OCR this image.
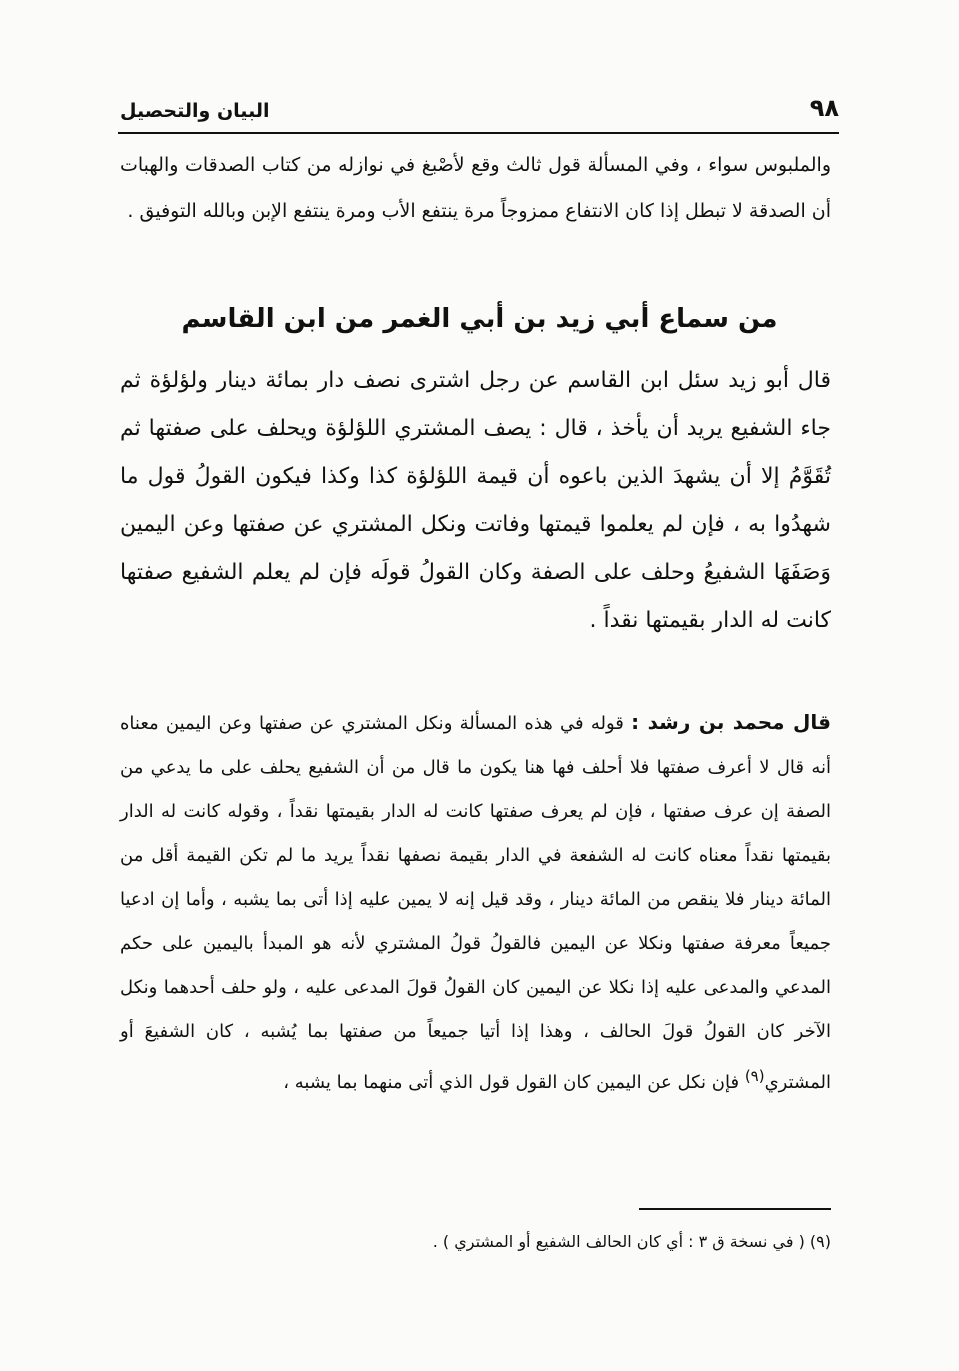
٩٨
البيان والتحصيل
والملبوس سواء ، وفي المسألة قول ثالث وقع لأصْبغ في نوازله من كتاب الصدقات والهبات أن الصدقة لا تبطل إذا كان الانتفاع ممزوجاً مرة ينتفع الأب ومرة ينتفع الإبن وبالله التوفيق .
من سماع أبي زيد بن أبي الغمر من ابن القاسم
قال أبو زيد سئل ابن القاسم عن رجل اشترى نصف دار بمائة دينار ولؤلؤة ثم جاء الشفيع يريد أن يأخذ ، قال : يصف المشتري اللؤلؤة ويحلف على صفتها ثم تُقَوَّمُ إلا أن يشهدَ الذين باعوه أن قيمة اللؤلؤة كذا وكذا فيكون القولُ قول ما شهدُوا به ، فإن لم يعلموا قيمتها وفاتت ونكل المشتري عن صفتها وعن اليمين وَصَفَهَا الشفيعُ وحلف على الصفة وكان القولُ قولَه فإن لم يعلم الشفيع صفتها كانت له الدار بقيمتها نقداً .
قال محمد بن رشد : قوله في هذه المسألة ونكل المشتري عن صفتها وعن اليمين معناه أنه قال لا أعرف صفتها فلا أحلف فها هنا يكون ما قال من أن الشفيع يحلف على ما يدعي من الصفة إن عرف صفتها ، فإن لم يعرف صفتها كانت له الدار بقيمتها نقداً ، وقوله كانت له الدار بقيمتها نقداً معناه كانت له الشفعة في الدار بقيمة نصفها نقداً يريد ما لم تكن القيمة أقل من المائة دينار فلا ينقص من المائة دينار ، وقد قيل إنه لا يمين عليه إذا أتى بما يشبه ، وأما إن ادعيا جميعاً معرفة صفتها ونكلا عن اليمين فالقولُ قولُ المشتري لأنه هو المبدأ باليمين على حكم المدعي والمدعى عليه إذا نكلا عن اليمين كان القولُ قولَ المدعى عليه ، ولو حلف أحدهما ونكل الآخر كان القولُ قولَ الحالف ، وهذا إذا أتيا جميعاً من صفتها بما يُشبه ، كان الشفيعَ أو المشتري$^{(٩)}$ فإن نكل عن اليمين كان القول قول الذي أتى منهما بما يشبه ،
(٩) ( في نسخة ق ٣ : أي كان الحالف الشفيع أو المشتري ) .
